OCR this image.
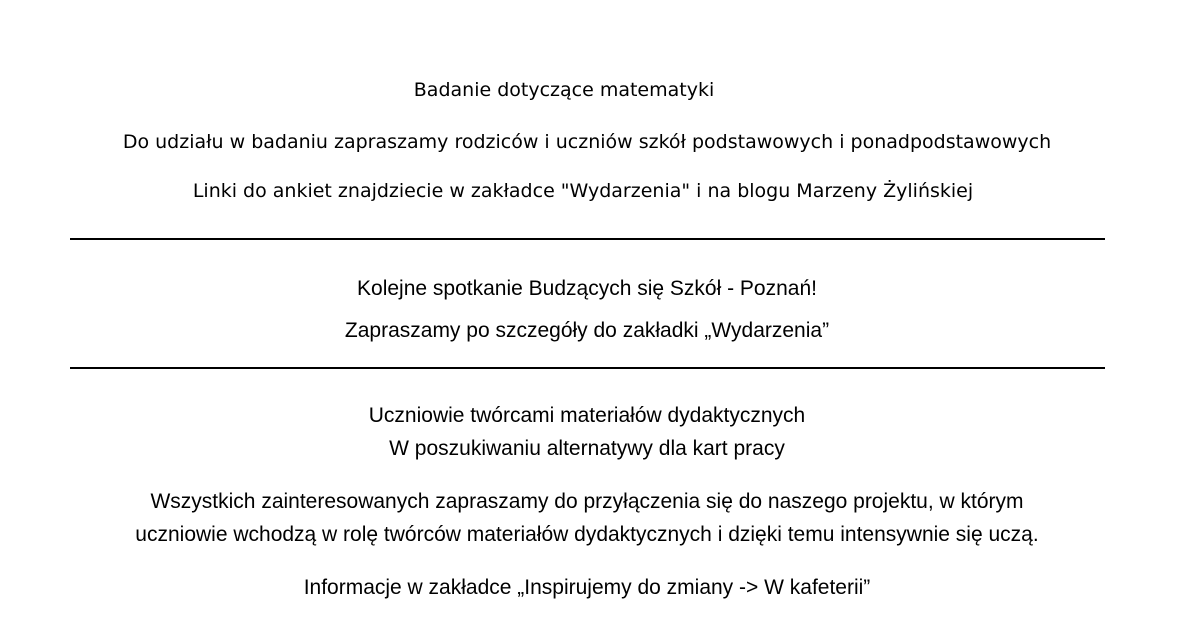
Badanie dotyczące matematyki
Do udziału w badaniu zapraszamy rodziców i uczniów szkół podstawowych i ponadpodstawowych
Linki do ankiet znajdziecie w zakładce "Wydarzenia" i na blogu Marzeny Żylińskiej
Kolejne spotkanie Budzących się Szkół - Poznań!
Zapraszamy po szczegóły do zakładki „Wydarzenia”
Uczniowie twórcami materiałów dydaktycznych
W poszukiwaniu alternatywy dla kart pracy
Wszystkich zainteresowanych zapraszamy do przyłączenia się do naszego projektu, w którym
uczniowie wchodzą w rolę twórców materiałów dydaktycznych i dzięki temu intensywnie się uczą.
Informacje w zakładce „Inspirujemy do zmiany -> W kafeterii”
